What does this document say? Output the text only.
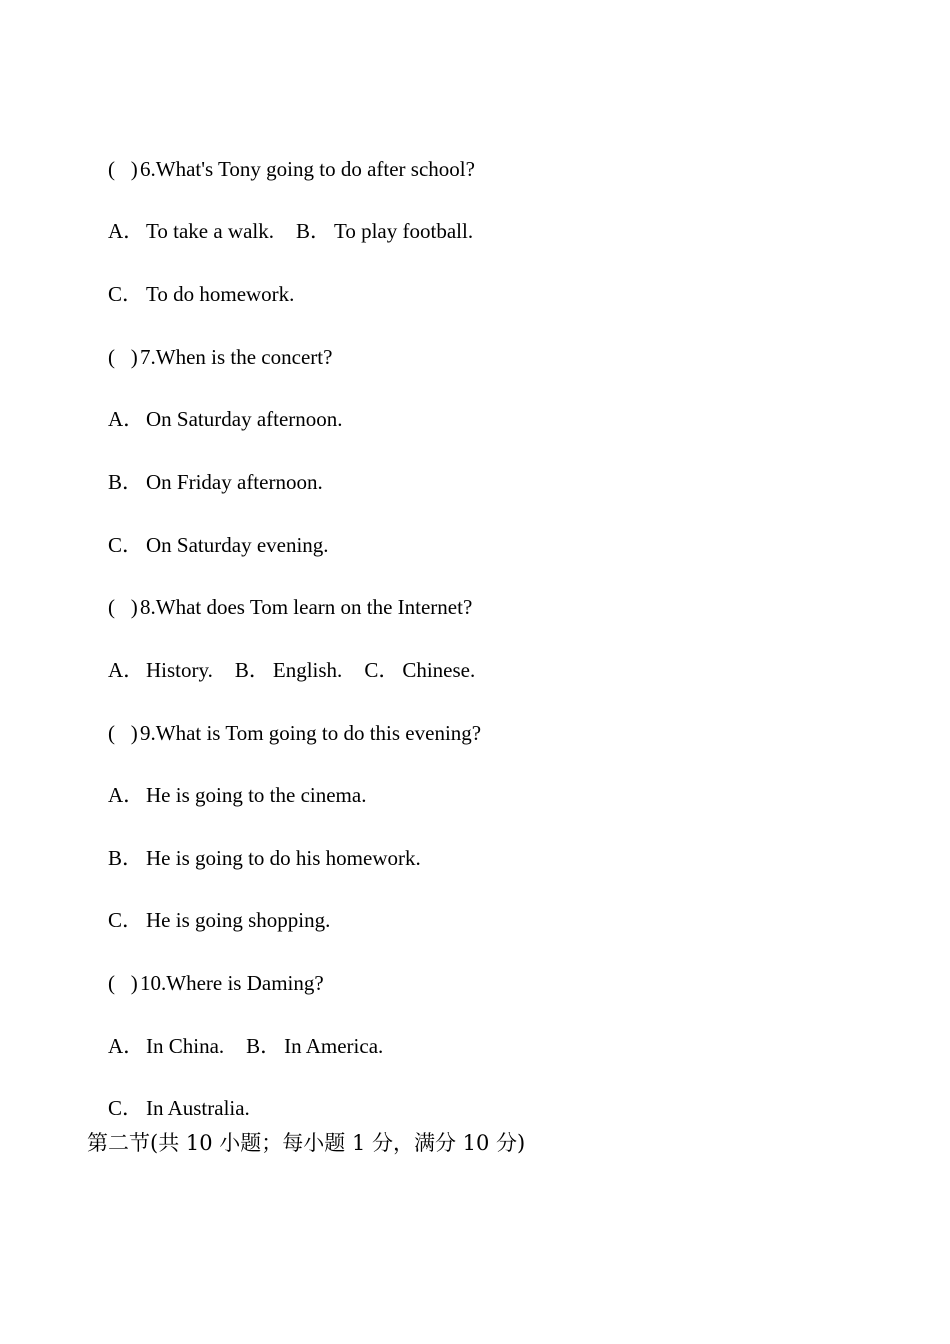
(   ) 6.What's Tony going to do after school?

A．To take a walk. B． To play football.

C． To do homework.

(   ) 7.When is the concert?

A．On Saturday afternoon.

B． On Friday afternoon.

C． On Saturday evening.

(   ) 8.What does Tom learn on the Internet?

A．History. B． English. C． Chinese.

(   ) 9.What is Tom going to do this evening?

A．He is going to the cinema.

B． He is going to do his homework.

C． He is going shopping.

(   ) 10.Where is Daming?

A．In China. B． In America.

C． In Australia.

第二节(共 10 小题；每小题 1 分，满分 10 分)
